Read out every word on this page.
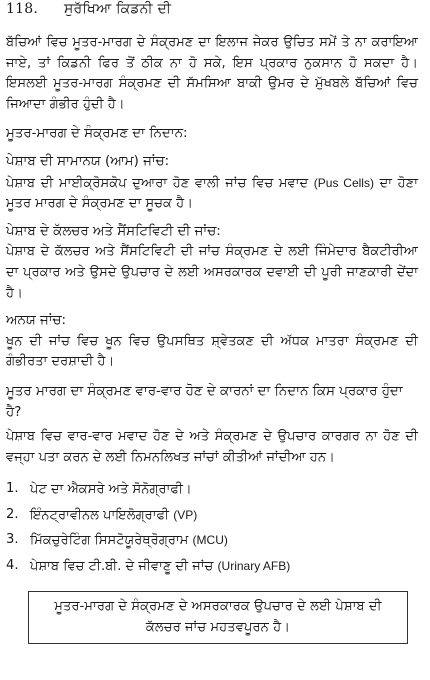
118.	ਸੁਰੱਖਿਆ ਕਿਡਨੀ ਦੀ

ਬੱਚਿਆਂ ਵਿਚ ਮੂਤਰ-ਮਾਰਗ ਦੇ ਸੰਕ੍ਰਮਣ ਦਾ ਇਲਾਜ ਜੇਕਰ ਉਚਿਤ ਸਮੇਂ ਤੇ ਨਾ ਕਰਾਇਆ ਜਾਏ, ਤਾਂ ਕਿਡਨੀ ਫਿਰ ਤੋਂ ਠੀਕ ਨਾ ਹੋ ਸਕੇ, ਇਸ ਪ੍ਰਕਾਰ ਨੁਕਸਾਨ ਹੋ ਸਕਦਾ ਹੈ। ਇਸਲਈ ਮੂਤਰ-ਮਾਰਗ ਸੰਕ੍ਰਮਣ ਦੀ ਸੱਮਸਿਆ ਬਾਕੀ ਉਮਰ ਦੇ ਮੁੱਖਬਲੇ ਬੱਚਿਆਂ ਵਿਚ ਜਿਆਦਾ ਗੰਭੀਰ ਹੁੰਦੀ ਹੈ।

ਮੂਤਰ-ਮਾਰਗ ਦੇ ਸੰਕ੍ਰਮਣ ਦਾ ਨਿਦਾਨ:

ਪੇਸ਼ਾਬ ਦੀ ਸਾਮਾਨਯ (ਆਮ) ਜਾਂਚ:

ਪੇਸ਼ਾਬ ਦੀ ਮਾਈਕ੍ਰੋਸਕੋਪ ਦੁਆਰਾ ਹੋਣ ਵਾਲੀ ਜਾਂਚ ਵਿਚ ਮਵਾਦ (Pus Cells) ਦਾ ਹੋਣਾ ਮੂਤਰ ਮਾਰਗ ਦੇ ਸੰਕ੍ਰਮਣ ਦਾ ਸੂਚਕ ਹੈ।

ਪੇਸ਼ਾਬ ਦੇ ਕੱਲਚਰ ਅਤੇ ਸੈਂਸਟਿਵਿਟੀ ਦੀ ਜਾਂਚ:

ਪੇਸ਼ਾਬ ਦੇ ਕੱਲਚਰ ਅਤੇ ਸੈਂਸਟਿਵਿਟੀ ਦੀ ਜਾਂਚ ਸੰਕ੍ਰਮਣ ਦੇ ਲਈ ਜਿੰਮੇਦਾਰ ਬੈਕਟੀਰੀਆ ਦਾ ਪ੍ਰਕਾਰ ਅਤੇ ਉਸਦੇ ਉਪਚਾਰ ਦੇ ਲਈ ਅਸਰਕਾਰਕ ਦਵਾਈ ਦੀ ਪੂਰੀ ਜਾਣਕਾਰੀ ਦੇਂਦਾ ਹੈ।

ਅਨਯ ਜਾਂਚ:

ਖੂਨ ਦੀ ਜਾਂਚ ਵਿਚ ਖੂਨ ਵਿਚ ਉਪਸਥਿਤ ਸ਼੍ਵੇਤਕਣ ਦੀ ਅੱਧਕ ਮਾਤਰਾ ਸੰਕ੍ਰਮਣ ਦੀ ਗੰਭੀਰਤਾ ਦਰਸ਼ਾਦੀ ਹੈ।

ਮੂਤਰ ਮਾਰਗ ਦਾ ਸੰਕ੍ਰਮਣ ਵਾਰ-ਵਾਰ ਹੋਣ ਦੇ ਕਾਰਨਾਂ ਦਾ ਨਿਦਾਨ ਕਿਸ ਪ੍ਰਕਾਰ ਹੁੰਦਾ ਹੈ?

ਪੇਸ਼ਾਬ ਵਿਚ ਵਾਰ-ਵਾਰ ਮਵਾਦ ਹੋਣ ਦੇ ਅਤੇ ਸੰਕ੍ਰਮਣ ਦੇ ਉਪਚਾਰ ਕਾਰਗਰ ਨਾ ਹੋਣ ਦੀ ਵਜ੍ਹਾ ਪਤਾ ਕਰਨ ਦੇ ਲਈ ਨਿਮਨਲਿਖਤ ਜਾਂਚਾਂ ਕੀਤੀਆਂ ਜਾਂਦੀਆ ਹਨ।

1. ਪੇਟ ਦਾ ਐਕਸਰੇ ਅਤੇ ਸੋਨੋਗ੍ਰਾਫੀ।
2. ਇੰਨਟ੍ਰਾਵੀਨਲ ਪਾਇਲੋਗ੍ਰਾਫੀ (VP)
3. ਮਿੱਕਚੁਰੇਟਿੰਗ ਸਿਸਟੋਯੂਰੇਥ੍ਰੋਗ੍ਰਾਮ (MCU)
4. ਪੇਸ਼ਾਬ ਵਿਚ ਟੀ.ਬੀ. ਦੇ ਜੀਵਾਣੂ ਦੀ ਜਾਂਚ (Urinary AFB)
ਮੂਤਰ-ਮਾਰਗ ਦੇ ਸੰਕ੍ਰਮਣ ਦੇ ਅਸਰਕਾਰਕ ਉਪਚਾਰ ਦੇ ਲਈ ਪੇਸ਼ਾਬ ਦੀ ਕੱਲਚਰ ਜਾਂਚ ਮਹਤਵਪੂਰਨ ਹੈ।
